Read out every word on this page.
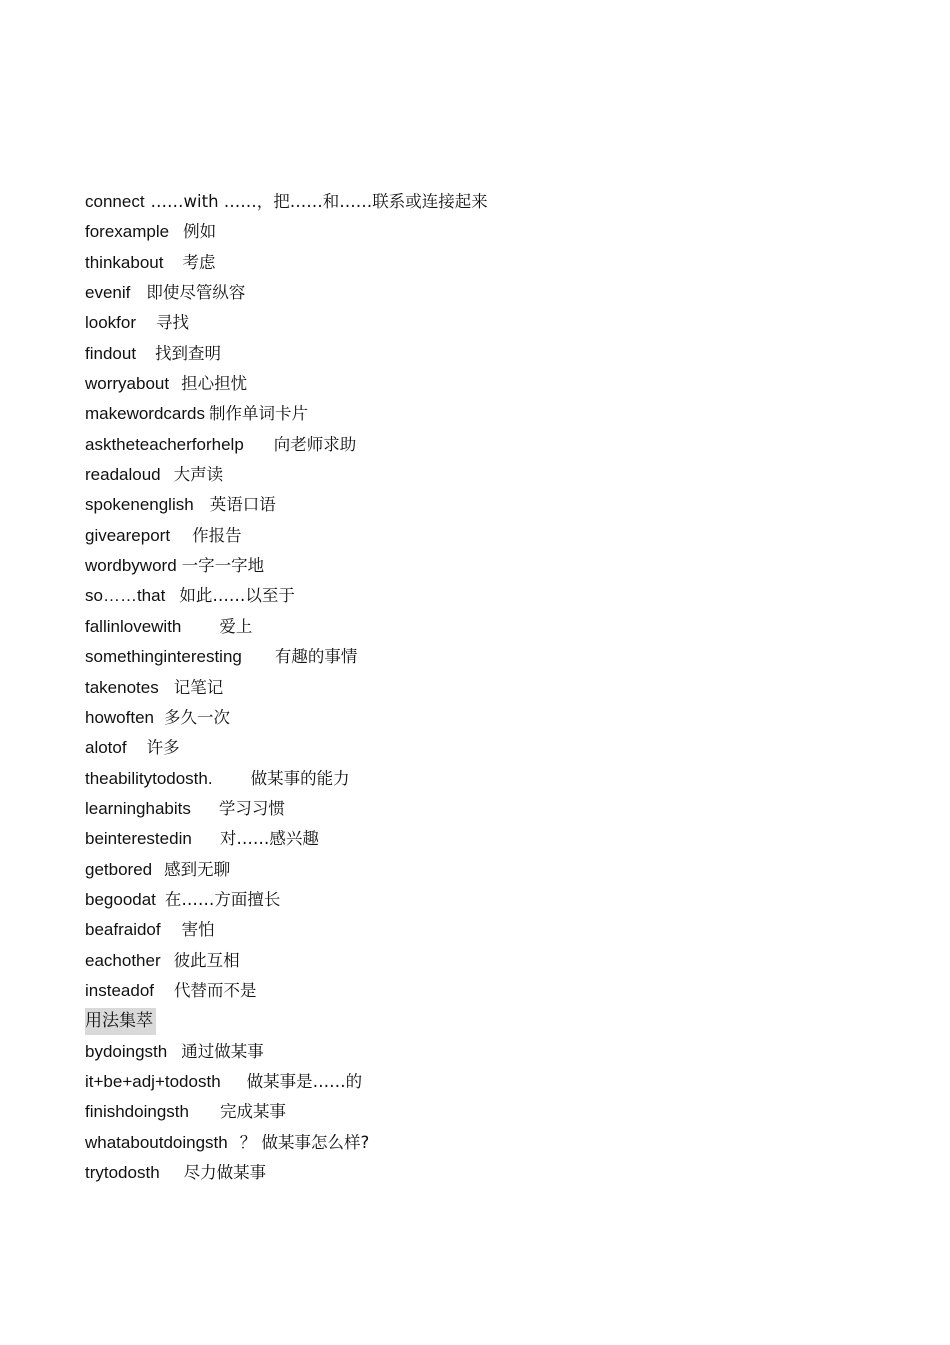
connect ……with ……，把……和……联系或连接起来
forexample 例如
thinkabout 考虑
evenif 即使尽管纵容
lookfor 寻找
findout 找到查明
worryabout 担心担忧
makewordcards 制作单词卡片
asktheteacherforhelp 向老师求助
readaloud 大声读
spokenenglish 英语口语
giveareport 作报告
wordbyword 一字一字地
so……that 如此……以至于
fallinlovewith 爱上
somethinginteresting 有趣的事情
takenotes 记笔记
howoften 多久一次
alotof 许多
theabilitytodosth. 做某事的能力
learninghabits 学习习惯
beinterestedin 对……感兴趣
getbored 感到无聊
begoodat 在……方面擅长
beafraidof 害怕
eachother 彼此互相
insteadof 代替而不是
用法集萃
bydoingsth 通过做某事
it+be+adj+todosth 做某事是……的
finishdoingsth 完成某事
whataboutdoingsth ？ 做某事怎么样?
trytodosth 尽力做某事
